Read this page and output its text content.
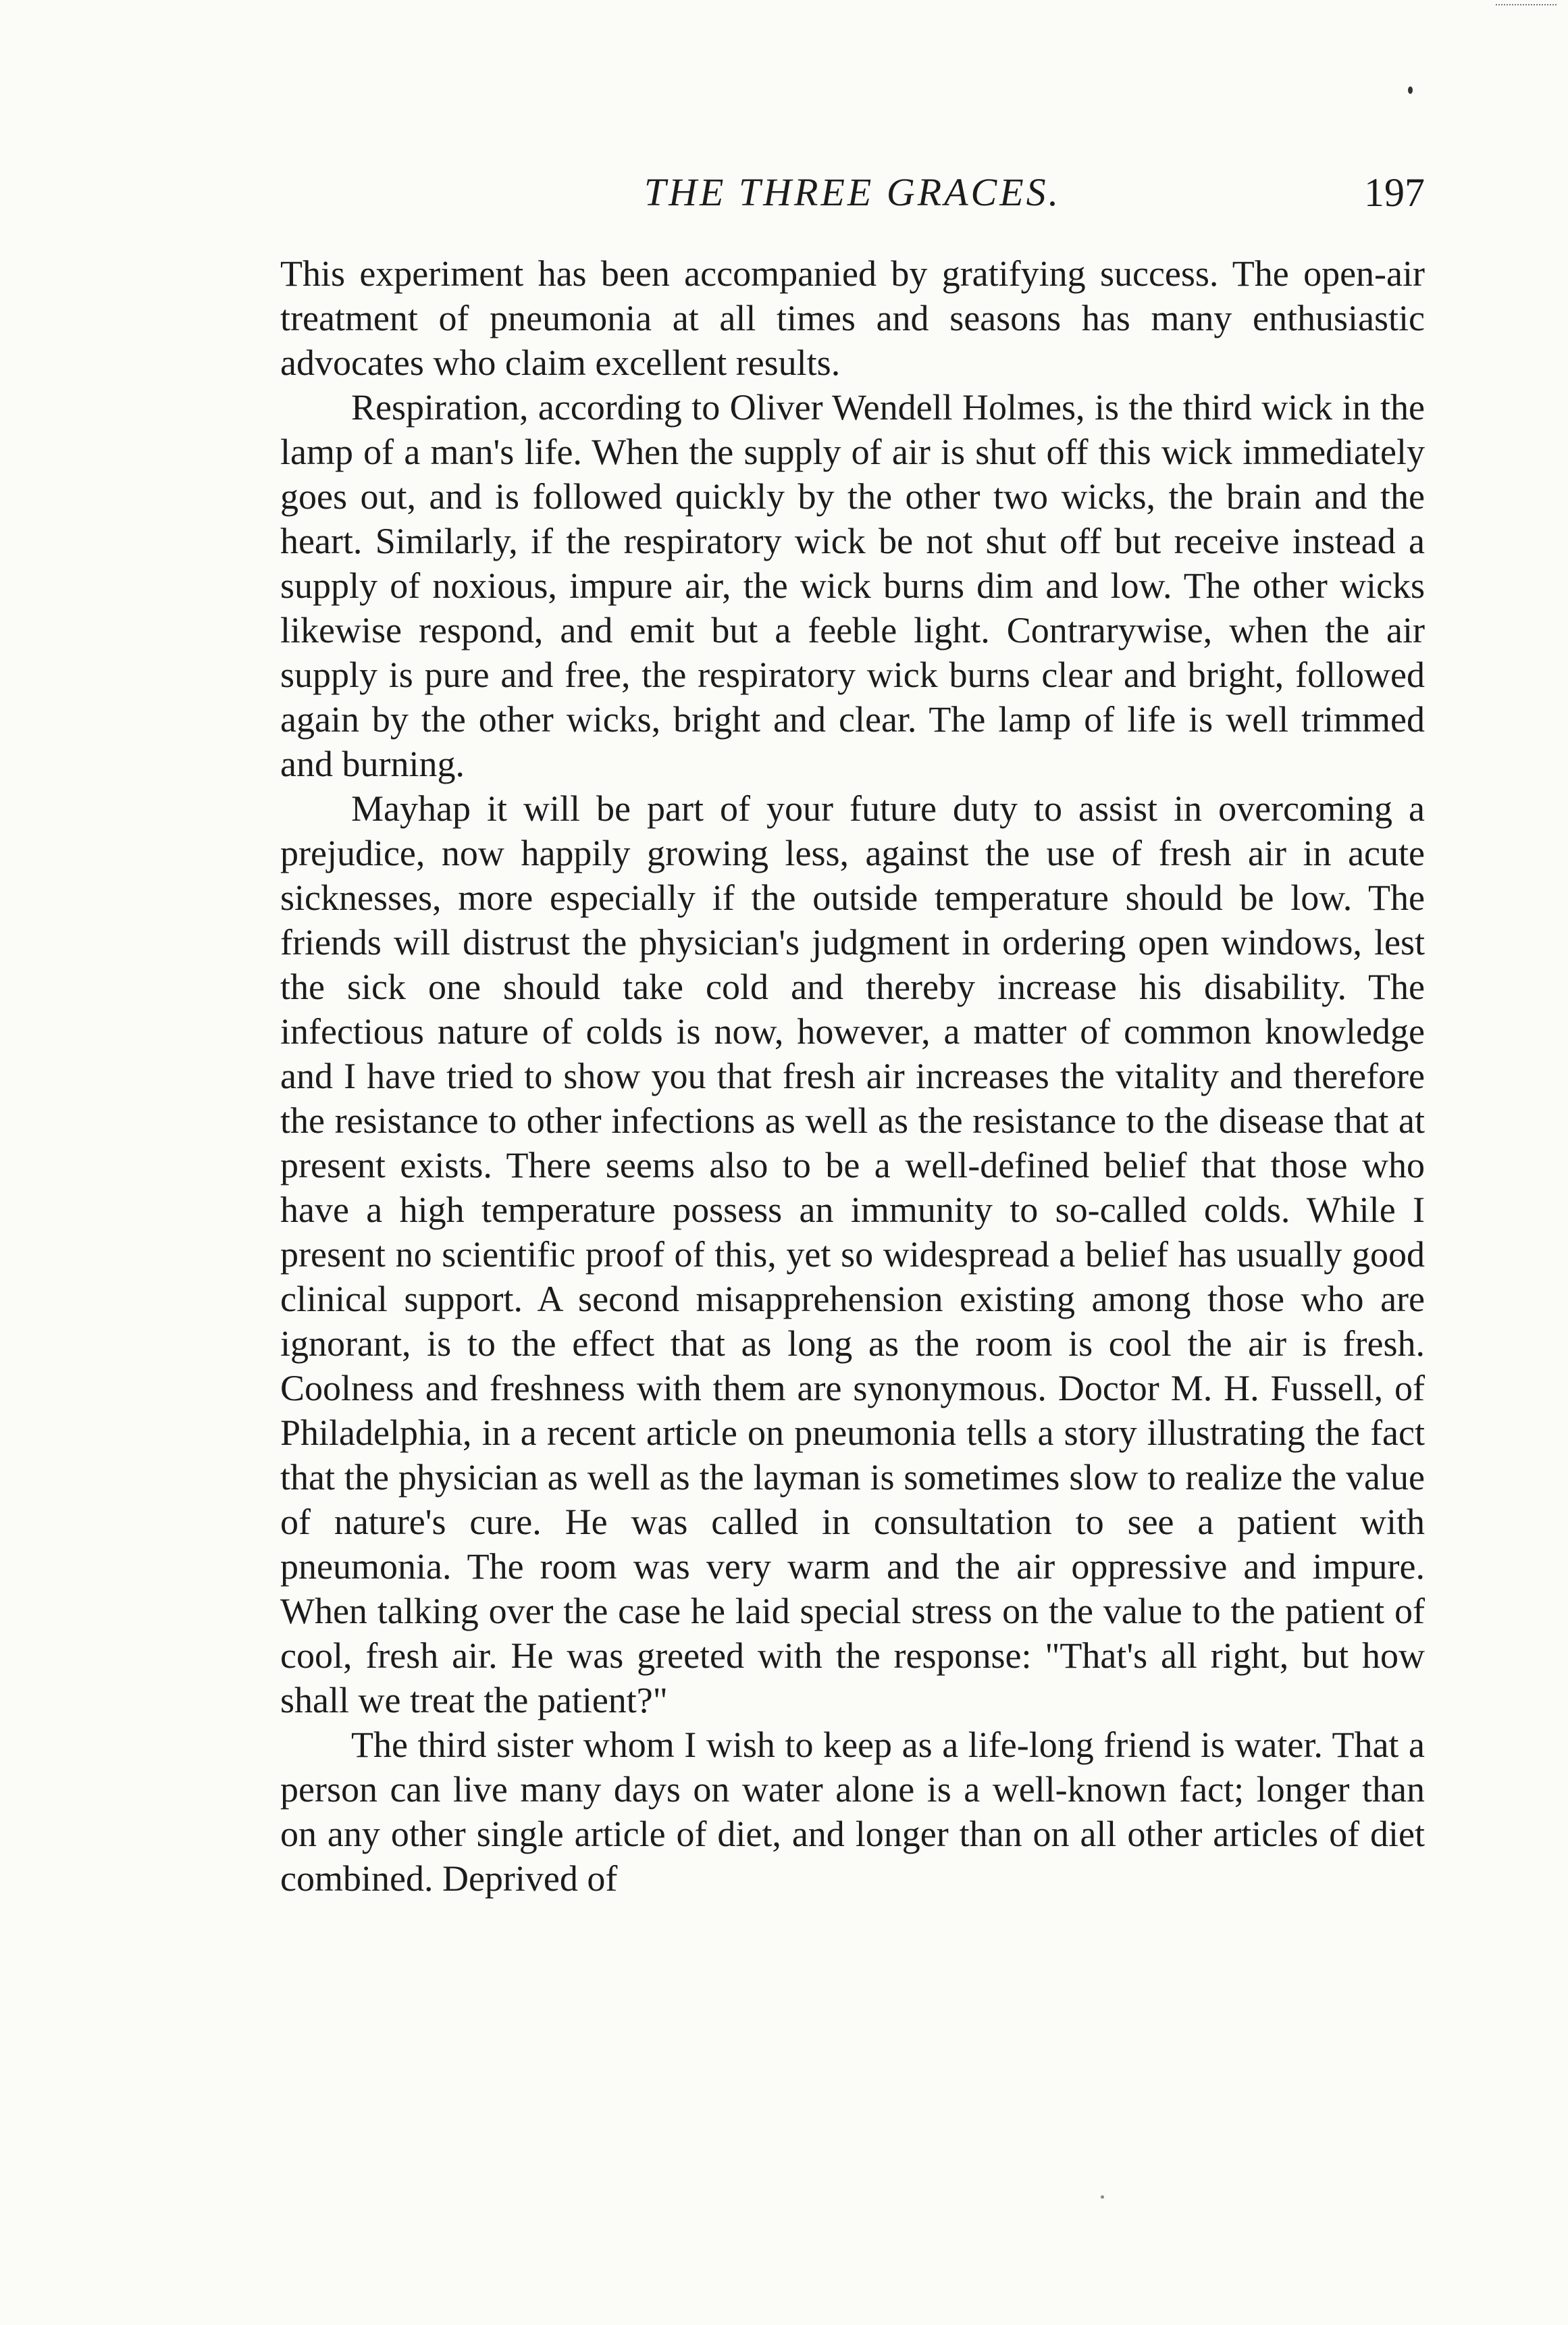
THE THREE GRACES.	197

This experiment has been accompanied by gratifying success. The open-air treatment of pneumonia at all times and seasons has many enthusiastic advocates who claim excellent results.

Respiration, according to Oliver Wendell Holmes, is the third wick in the lamp of a man's life. When the supply of air is shut off this wick immediately goes out, and is followed quickly by the other two wicks, the brain and the heart. Similarly, if the respiratory wick be not shut off but receive instead a supply of noxious, impure air, the wick burns dim and low. The other wicks likewise respond, and emit but a feeble light. Contrarywise, when the air supply is pure and free, the respiratory wick burns clear and bright, followed again by the other wicks, bright and clear. The lamp of life is well trimmed and burning.

Mayhap it will be part of your future duty to assist in overcoming a prejudice, now happily growing less, against the use of fresh air in acute sicknesses, more especially if the outside temperature should be low. The friends will distrust the physician's judgment in ordering open windows, lest the sick one should take cold and thereby increase his disability. The infectious nature of colds is now, however, a matter of common knowledge and I have tried to show you that fresh air increases the vitality and therefore the resistance to other infections as well as the resistance to the disease that at present exists. There seems also to be a well-defined belief that those who have a high temperature possess an immunity to so-called colds. While I present no scientific proof of this, yet so widespread a belief has usually good clinical support. A second misapprehension existing among those who are ignorant, is to the effect that as long as the room is cool the air is fresh. Coolness and freshness with them are synonymous. Doctor M. H. Fussell, of Philadelphia, in a recent article on pneumonia tells a story illustrating the fact that the physician as well as the layman is sometimes slow to realize the value of nature's cure. He was called in consultation to see a patient with pneumonia. The room was very warm and the air oppressive and impure. When talking over the case he laid special stress on the value to the patient of cool, fresh air. He was greeted with the response: "That's all right, but how shall we treat the patient?"

The third sister whom I wish to keep as a life-long friend is water. That a person can live many days on water alone is a well-known fact; longer than on any other single article of diet, and longer than on all other articles of diet combined. Deprived of
